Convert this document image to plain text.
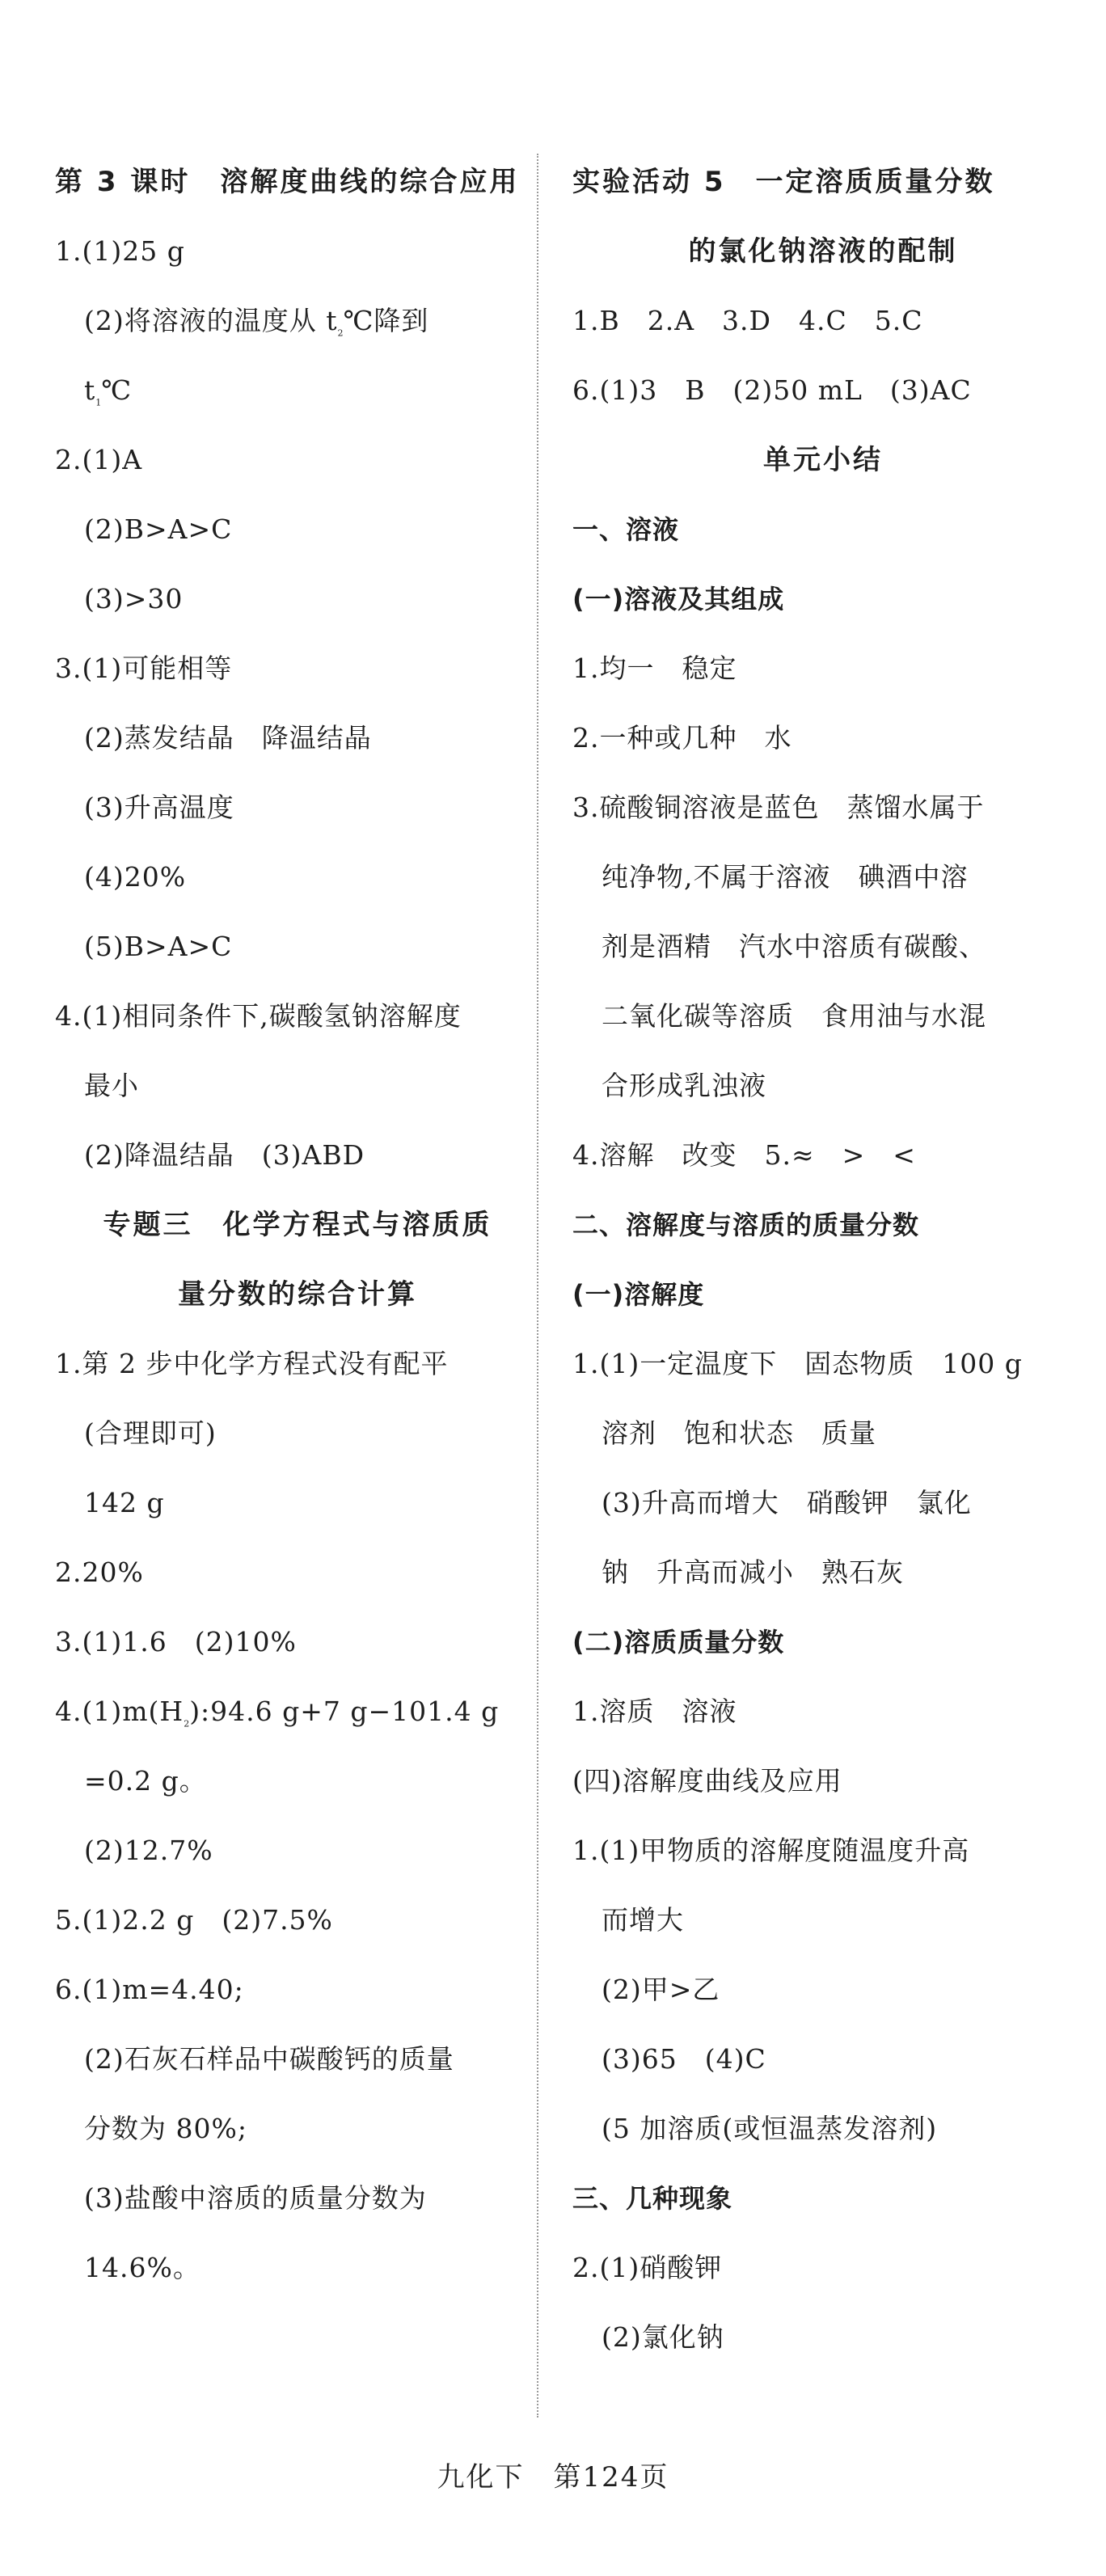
第 3 课时　溶解度曲线的综合应用
1.(1)25 g
(2)将溶液的温度从 $t_2℃$降到
$t_1℃$
2.(1)A
(2)B>A>C
(3)>30
3.(1)可能相等
(2)蒸发结晶　降温结晶
(3)升高温度
(4)20%
(5)B>A>C
4.(1)相同条件下,碳酸氢钠溶解度
最小
(2)降温结晶　(3)ABD
专题三　化学方程式与溶质质
量分数的综合计算
1.第 2 步中化学方程式没有配平
(合理即可)
142 g
2.20%
3.(1)1.6　(2)10%
$4.(1)m(H_2):94.6$ g+7 g−101.4 g
=0.2 g。
(2)12.7%
5.(1)2.2 g　(2)7.5%
6.(1)m=4.40;
(2)石灰石样品中碳酸钙的质量
分数为 80%;
(3)盐酸中溶质的质量分数为
14.6%。
实验活动 5　一定溶质质量分数
的氯化钠溶液的配制
1.B　2.A　3.D　4.C　5.C
6.(1)3　B　(2)50 mL　(3)AC
单元小结
一、溶液
(一)溶液及其组成
1.均一　稳定
2.一种或几种　水
3.硫酸铜溶液是蓝色　蒸馏水属于
纯净物,不属于溶液　碘酒中溶
剂是酒精　汽水中溶质有碳酸、
二氧化碳等溶质　食用油与水混
合形成乳浊液
4.溶解　改变　5.≈　>　<
二、溶解度与溶质的质量分数
(一)溶解度
1.(1)一定温度下　固态物质　100 g
溶剂　饱和状态　质量
(3)升高而增大　硝酸钾　氯化
钠　升高而减小　熟石灰
(二)溶质质量分数
1.溶质　溶液
(四)溶解度曲线及应用
1.(1)甲物质的溶解度随温度升高
而增大
(2)甲>乙
(3)65　(4)C
(5 加溶质(或恒温蒸发溶剂)
三、几种现象
2.(1)硝酸钾
(2)氯化钠
九化下　第124页
